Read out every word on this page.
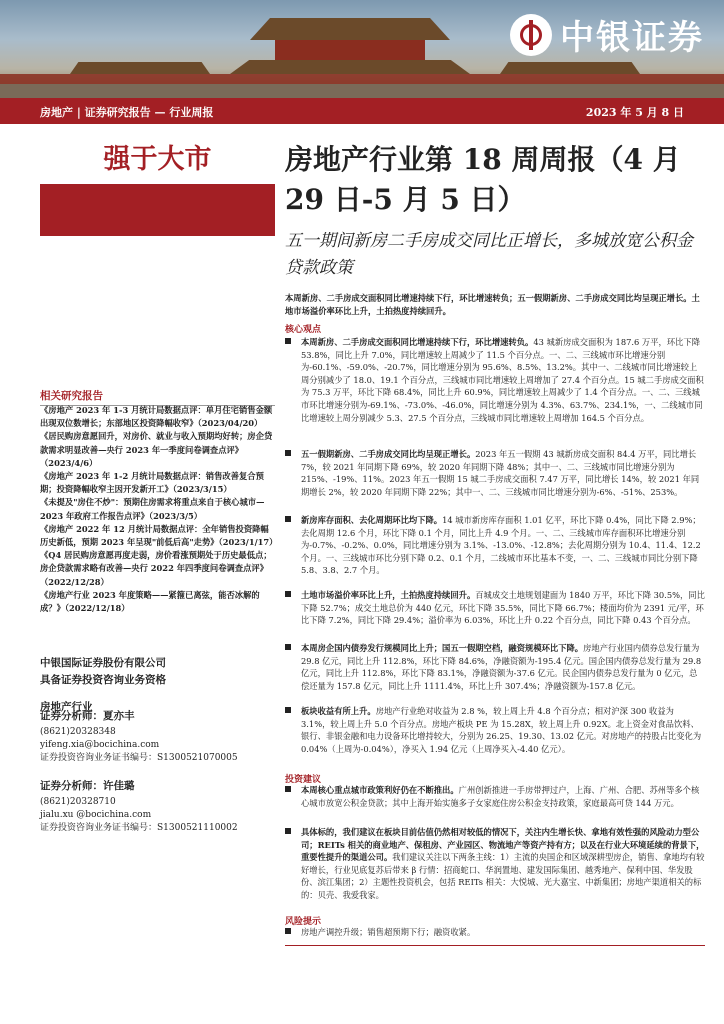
中银证券
房地产 | 证券研究报告 — 行业周报	2023 年 5 月 8 日
强于大市
相关研究报告
《房地产 2023 年 1-3 月统计局数据点评：单月住宅销售金额出现双位数增长；东部地区投资降幅收窄》（2023/04/20）
《居民购房意愿回升，对房价、就业与收入预期均好转；房企贷款需求明显改善—央行 2023 年一季度问卷调查点评》（2023/4/6）
《房地产 2023 年 1-2 月统计局数据点评：销售改善复合预期；投资降幅收窄主因开发新开工》（2023/3/15）
《未提及"房住不炒"：预期住房需求将重点来自于核心城市—2023 年政府工作报告点评》（2023/3/5）
《房地产 2022 年 12 月统计局数据点评：全年销售投资降幅历史新低，预期 2023 年呈现"前低后高"走势》（2023/1/17）
《Q4 居民购房意愿再度走弱，房价看涨预期处于历史最低点；房企贷款需求略有改善—央行 2022 年四季度问卷调查点评》（2022/12/28）
《房地产行业 2023 年度策略——紧箍已离弦，能否冰解的成？》（2022/12/18）
中银国际证券股份有限公司
具备证券投资咨询业务资格
房地产行业
证券分析师：夏亦丰
(8621)20328348
yifeng.xia@bocichina.com
证券投资咨询业务证书编号：S1300521070005
证券分析师：许佳璐
(8621)20328710
jialu.xu @bocichina.com
证券投资咨询业务证书编号：S1300521110002
房地产行业第 18 周周报（4 月 29 日-5 月 5 日）
五一期间新房二手房成交同比正增长，多城放宽公积金贷款政策
本周新房、二手房成交面积同比增速持续下行，环比增速转负；五一假期新房、二手房成交同比均呈现正增长。土地市场溢价率环比上升，土拍热度持续回升。
核心观点
本周新房、二手房成交面积同比增速持续下行，环比增速转负。43 城新房成交面积为 187.6 万平，环比下降 53.8%，同比上升 7.0%，同比增速较上周减少了 11.5 个百分点。一、二、三线城市环比增速分别为-60.1%、-59.0%、-20.7%，同比增速分别为 95.6%、8.5%、13.2%。其中一、二线城市同比增速较上周分别减少了 18.0、19.1 个百分点，三线城市同比增速较上周增加了 27.4 个百分点。15 城二手房成交面积为 75.3 万平，环比下降 68.4%，同比上升 60.9%，同比增速较上周减少了 1.4 个百分点。一、二、三线城市环比增速分别为-69.1%、-73.0%、-46.0%，同比增速分别为 4.3%、63.7%、234.1%，一、二线城市同比增速较上周分别减少 5.3、27.5 个百分点，三线城市同比增速较上周增加 164.5 个百分点。
五一假期新房、二手房成交同比均呈现正增长。2023 年五一假期 43 城新房成交面积 84.4 万平，同比增长 7%，较 2021 年同期下降 69%，较 2020 年同期下降 48%；其中一、二、三线城市同比增速分别为 215%、-19%、11%。2023 年五一假期 15 城二手房成交面积 7.47 万平，同比增长 14%，较 2021 年同期增长 2%，较 2020 年同期下降 22%；其中一、二、三线城市同比增速分别为-6%、-51%、253%。
新房库存面积、去化周期环比均下降。14 城市新房库存面积 1.01 亿平，环比下降 0.4%，同比下降 2.9%；去化周期 12.6 个月，环比下降 0.1 个月，同比上升 4.9 个月。一、二、三线城市库存面积环比增速分别为-0.7%、-0.2%、0.0%，同比增速分别为 3.1%、-13.0%、-12.8%；去化周期分别为 10.4、11.4、12.2 个月。一、三线城市环比分别下降 0.2、0.1 个月，二线城市环比基本不变，一、二、三线城市同比分别下降 5.8、3.8、2.7 个月。
土地市场溢价率环比上升，土拍热度持续回升。百城成交土地规划建面为 1840 万平，环比下降 30.5%，同比下降 52.7%；成交土地总价为 440 亿元，环比下降 35.5%，同比下降 66.7%；楼面均价为 2391 元/平，环比下降 7.2%，同比下降 29.4%；溢价率为 6.03%，环比上升 0.22 个百分点，同比下降 0.43 个百分点。
本周房企国内债券发行规模同比上升；国五一假期空档，融资规模环比下降。房地产行业国内债券总发行量为 29.8 亿元，同比上升 112.8%，环比下降 84.6%，净融资额为-195.4 亿元。国企国内债券总发行量为 29.8 亿元，同比上升 112.8%，环比下降 83.1%，净融资额为-37.6 亿元。民企国内债券总发行量为 0 亿元，总偿还量为 157.8 亿元，同比上升 1111.4%，环比上升 307.4%；净融资额为-157.8 亿元。
板块收益有所上升。房地产行业绝对收益为 2.8 %，较上周上升 4.8 个百分点；相对沪深 300 收益为 3.1%，较上周上升 5.0 个百分点。房地产板块 PE 为 15.28X，较上周上升 0.92X。北上资金对食品饮料、银行、非银金融和电力设备环比增持较大，分别为 26.25、19.30、13.02 亿元。对房地产的持股占比变化为 0.04%（上周为-0.04%），净买入 1.94 亿元（上周净买入-4.40 亿元）。
投资建议
本周核心重点城市政策利好仍在不断推出。广州创新推进一手房带押过户，上海、广州、合肥、苏州等多个核心城市放宽公积金贷款；其中上海开始实施多子女家庭住房公积金支持政策，家庭最高可贷 144 万元。
具体标的，我们建议在板块目前估值仍然相对较低的情况下，关注内生增长快、拿地有效性强的风险动力型公司；REITs 相关的商业地产、保租房、产业园区、物流地产等资产持有方；以及在行业大环境延续的背景下，重要性提升的渠道公司。我们建议关注以下两条主线：1）主流的央国企和区域深耕型房企，销售、拿地均有较好增长，行业见底复苏后带来 β 行情：招商蛇口、华润置地、建发国际集团、越秀地产、保利中国、华发股份、滨江集团；2）主题性投资机会，包括 REITs 相关：大悦城、光大嘉宝、中新集团；房地产渠道相关的标的：贝壳、我爱我家。
风险提示
房地产调控升级；销售超预期下行；融资收紧。
